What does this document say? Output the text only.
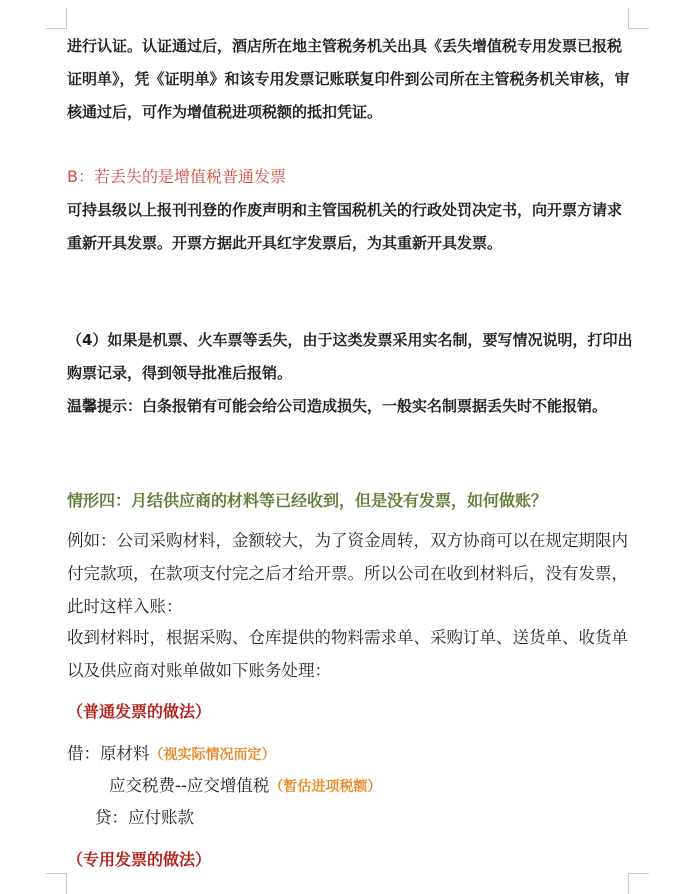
进行认证。认证通过后，酒店所在地主管税务机关出具《丢失增值税专用发票已报税证明单》，凭《证明单》和该专用发票记账联复印件到公司所在主管税务机关审核，审核通过后，可作为增值税进项税额的抵扣凭证。

B：若丢失的是增值税普通发票

可持县级以上报刊刊登的作废声明和主管国税机关的行政处罚决定书，向开票方请求重新开具发票。开票方据此开具红字发票后，为其重新开具发票。

（4）如果是机票、火车票等丢失，由于这类发票采用实名制，要写情况说明，打印出购票记录，得到领导批准后报销。

温馨提示：白条报销有可能会给公司造成损失，一般实名制票据丢失时不能报销。

情形四：月结供应商的材料等已经收到，但是没有发票，如何做账？

例如：公司采购材料，金额较大，为了资金周转，双方协商可以在规定期限内付完款项，在款项支付完之后才给开票。所以公司在收到材料后，没有发票，此时这样入账：

收到材料时，根据采购、仓库提供的物料需求单、采购订单、送货单、收货单以及供应商对账单做如下账务处理：

（普通发票的做法）
借：原材料（视实际情况而定）
应交税费--应交增值税（暂估进项税额）
贷：应付账款
（专用发票的做法）
